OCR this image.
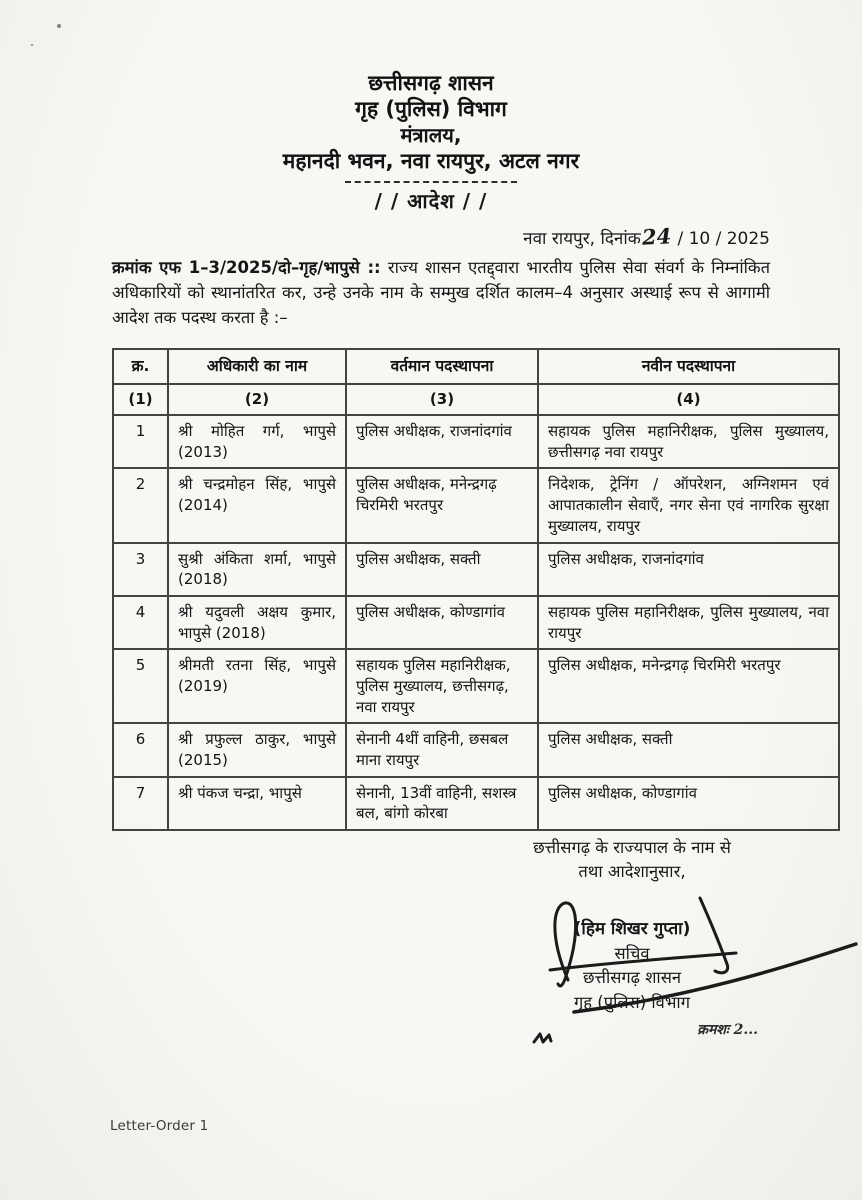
छत्तीसगढ़ शासन
गृह (पुलिस) विभाग
मंत्रालय,
महानदी भवन, नवा रायपुर, अटल नगर
/ / आदेश / /
नवा रायपुर, दिनांक24 / 10 / 2025
क्रमांक एफ 1–3/2025/दो–गृह/भापुसे :: राज्य शासन एतद्द्वारा भारतीय पुलिस सेवा संवर्ग के निम्नांकित अधिकारियों को स्थानांतरित कर, उन्हे उनके नाम के सम्मुख दर्शित कालम–4 अनुसार अस्थाई रूप से आगामी आदेश तक पदस्थ करता है :–
क्र.	अधिकारी का नाम	वर्तमान पदस्थापना	नवीन पदस्थापना
(1)	(2)	(3)	(4)
1	श्री मोहित गर्ग, भापुसे (2013)	पुलिस अधीक्षक, राजनांदगांव	सहायक पुलिस महानिरीक्षक, पुलिस मुख्यालय, छत्तीसगढ़ नवा रायपुर
2	श्री चन्द्रमोहन सिंह, भापुसे (2014)	पुलिस अधीक्षक, मनेन्द्रगढ़ चिरमिरी भरतपुर	निदेशक, ट्रेनिंग / ऑपरेशन, अग्निशमन एवं आपातकालीन सेवाएँ, नगर सेना एवं नागरिक सुरक्षा मुख्यालय, रायपुर
3	सुश्री अंकिता शर्मा, भापुसे (2018)	पुलिस अधीक्षक, सक्ती	पुलिस अधीक्षक, राजनांदगांव
4	श्री यदुवली अक्षय कुमार, भापुसे (2018)	पुलिस अधीक्षक, कोण्डागांव	सहायक पुलिस महानिरीक्षक, पुलिस मुख्यालय, नवा रायपुर
5	श्रीमती रतना सिंह, भापुसे (2019)	सहायक पुलिस महानिरीक्षक, पुलिस मुख्यालय, छत्तीसगढ़, नवा रायपुर	पुलिस अधीक्षक, मनेन्द्रगढ़ चिरमिरी भरतपुर
6	श्री प्रफुल्ल ठाकुर, भापुसे (2015)	सेनानी 4थीं वाहिनी, छसबल माना रायपुर	पुलिस अधीक्षक, सक्ती
7	श्री पंकज चन्द्रा, भापुसे	सेनानी, 13वीं वाहिनी, सशस्त्र बल, बांगो कोरबा	पुलिस अधीक्षक, कोण्डागांव
छत्तीसगढ़ के राज्यपाल के नाम से
तथा आदेशानुसार,
(हिम शिखर गुप्ता)
सचिव
छत्तीसगढ़ शासन
गृह (पुलिस) विभाग
क्रमशः 2...
Letter-Order 1
